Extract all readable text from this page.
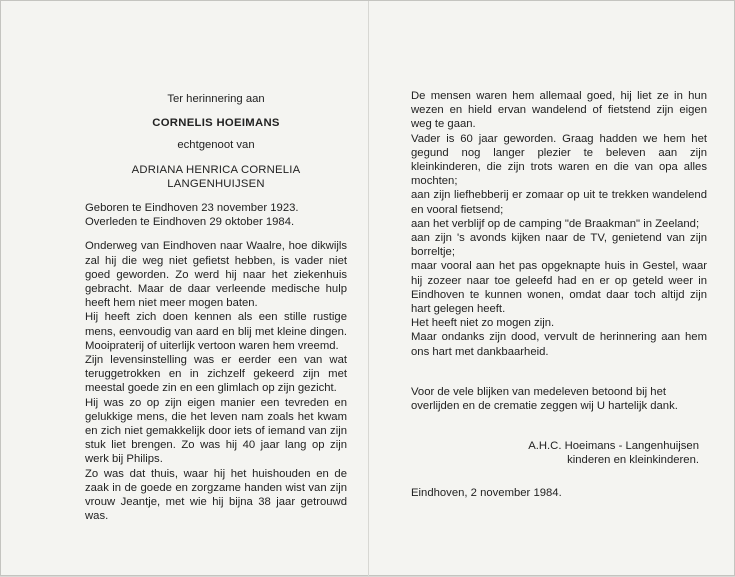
Ter herinnering aan
CORNELIS HOEIMANS
echtgenoot van
ADRIANA HENRICA CORNELIA
LANGENHUIJSEN
Geboren te Eindhoven 23 november 1923.
Overleden te Eindhoven 29 oktober 1984.

Onderweg van Eindhoven naar Waalre, hoe dikwijls zal hij die weg niet gefietst hebben, is vader niet goed geworden. Zo werd hij naar het ziekenhuis gebracht. Maar de daar verleende medische hulp heeft hem niet meer mogen baten.

Hij heeft zich doen kennen als een stille rustige mens, eenvoudig van aard en blij met kleine dingen. Mooipraterij of uiterlijk vertoon waren hem vreemd.

Zijn levensinstelling was er eerder een van wat teruggetrokken en in zichzelf gekeerd zijn met meestal goede zin en een glimlach op zijn gezicht.

Hij was zo op zijn eigen manier een tevreden en gelukkige mens, die het leven nam zoals het kwam en zich niet gemakkelijk door iets of iemand van zijn stuk liet brengen. Zo was hij 40 jaar lang op zijn werk bij Philips.

Zo was dat thuis, waar hij het huishouden en de zaak in de goede en zorgzame handen wist van zijn vrouw Jeantje, met wie hij bijna 38 jaar getrouwd was.

De mensen waren hem allemaal goed, hij liet ze in hun wezen en hield ervan wandelend of fietstend zijn eigen weg te gaan.

Vader is 60 jaar geworden. Graag hadden we hem het gegund nog langer plezier te beleven aan zijn kleinkinderen, die zijn trots waren en die van opa alles mochten;

aan zijn liefhebberij er zomaar op uit te trekken wandelend en vooral fietsend;

aan het verblijf op de camping "de Braakman" in Zeeland;

aan zijn 's avonds kijken naar de TV, genietend van zijn borreltje;

maar vooral aan het pas opgeknapte huis in Gestel, waar hij zozeer naar toe geleefd had en er op geteld weer in Eindhoven te kunnen wonen, omdat daar toch altijd zijn hart gelegen heeft.

Het heeft niet zo mogen zijn.

Maar ondanks zijn dood, vervult de herinnering aan hem ons hart met dankbaarheid.

Voor de vele blijken van medeleven betoond bij het overlijden en de crematie zeggen wij U hartelijk dank.
A.H.C. Hoeimans - Langenhuijsen
kinderen en kleinkinderen.
Eindhoven, 2 november 1984.
